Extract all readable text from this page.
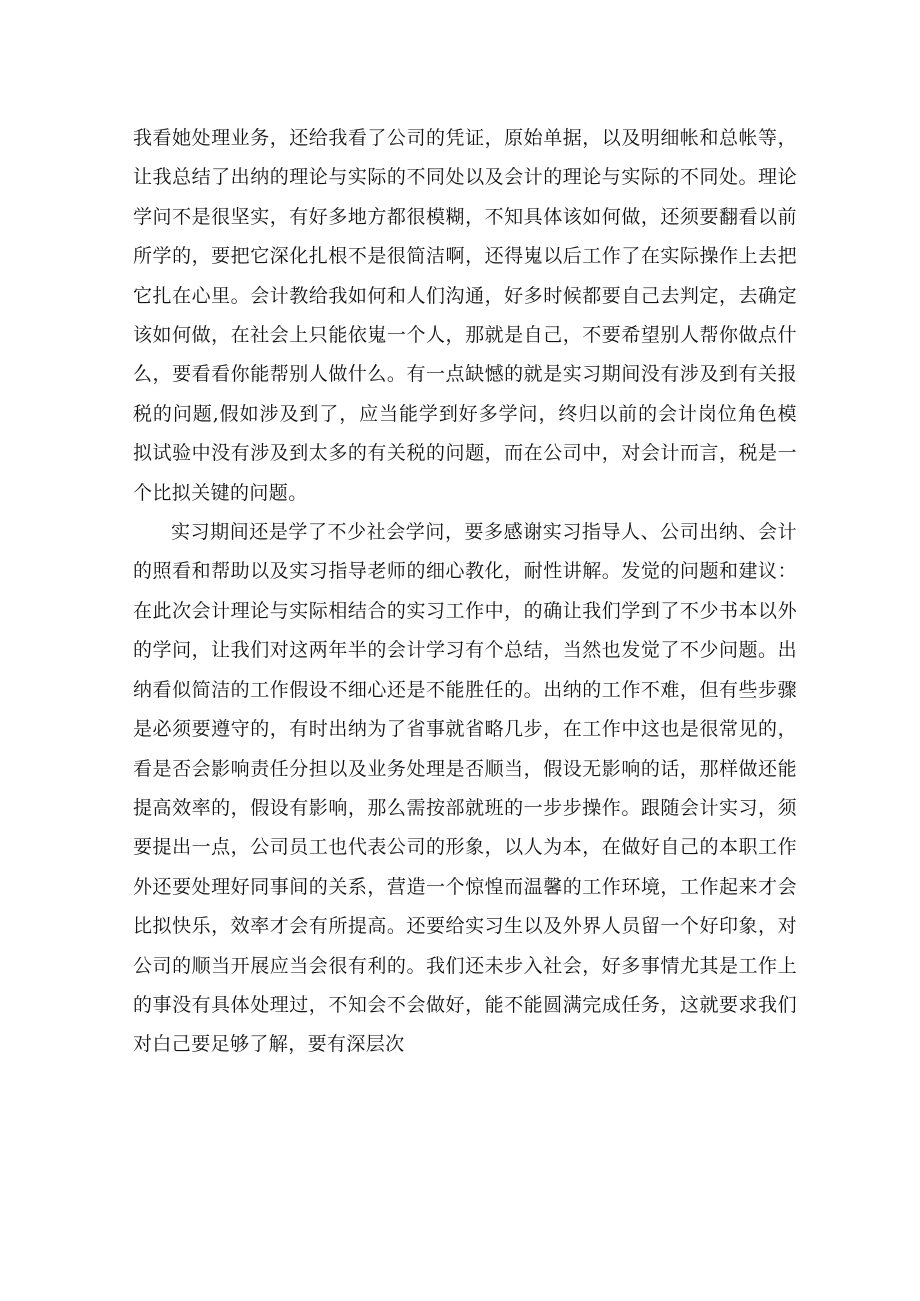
我看她处理业务，还给我看了公司的凭证，原始单据，以及明细帐和总帐等，让我总结了出纳的理论与实际的不同处以及会计的理论与实际的不同处。理论学问不是很坚实，有好多地方都很模糊，不知具体该如何做，还须要翻看以前所学的，要把它深化扎根不是很简洁啊，还得嵬以后工作了在实际操作上去把它扎在心里。会计教给我如何和人们沟通，好多时候都要自己去判定，去确定该如何做，在社会上只能依嵬一个人，那就是自己，不要希望别人帮你做点什么，要看看你能帮别人做什么。有一点缺憾的就是实习期间没有涉及到有关报税的问题,假如涉及到了，应当能学到好多学问，终归以前的会计岗位角色模拟试验中没有涉及到太多的有关税的问题，而在公司中，对会计而言，税是一个比拟关键的问题。

实习期间还是学了不少社会学问，要多感谢实习指导人、公司出纳、会计的照看和帮助以及实习指导老师的细心教化，耐性讲解。发觉的问题和建议：在此次会计理论与实际相结合的实习工作中，的确让我们学到了不少书本以外的学问，让我们对这两年半的会计学习有个总结，当然也发觉了不少问题。出纳看似简洁的工作假设不细心还是不能胜任的。出纳的工作不难，但有些步骤是必须要遵守的，有时出纳为了省事就省略几步，在工作中这也是很常见的，看是否会影响责任分担以及业务处理是否顺当，假设无影响的话，那样做还能提高效率的，假设有影响，那么需按部就班的一步步操作。跟随会计实习，须要提出一点，公司员工也代表公司的形象，以人为本，在做好自己的本职工作外还要处理好同事间的关系，营造一个惊惶而温馨的工作环境，工作起来才会比拟快乐，效率才会有所提高。还要给实习生以及外界人员留一个好印象，对公司的顺当开展应当会很有利的。我们还未步入社会，好多事情尤其是工作上的事没有具体处理过，不知会不会做好，能不能圆满完成任务，这就要求我们对白己要足够了解，要有深层次
